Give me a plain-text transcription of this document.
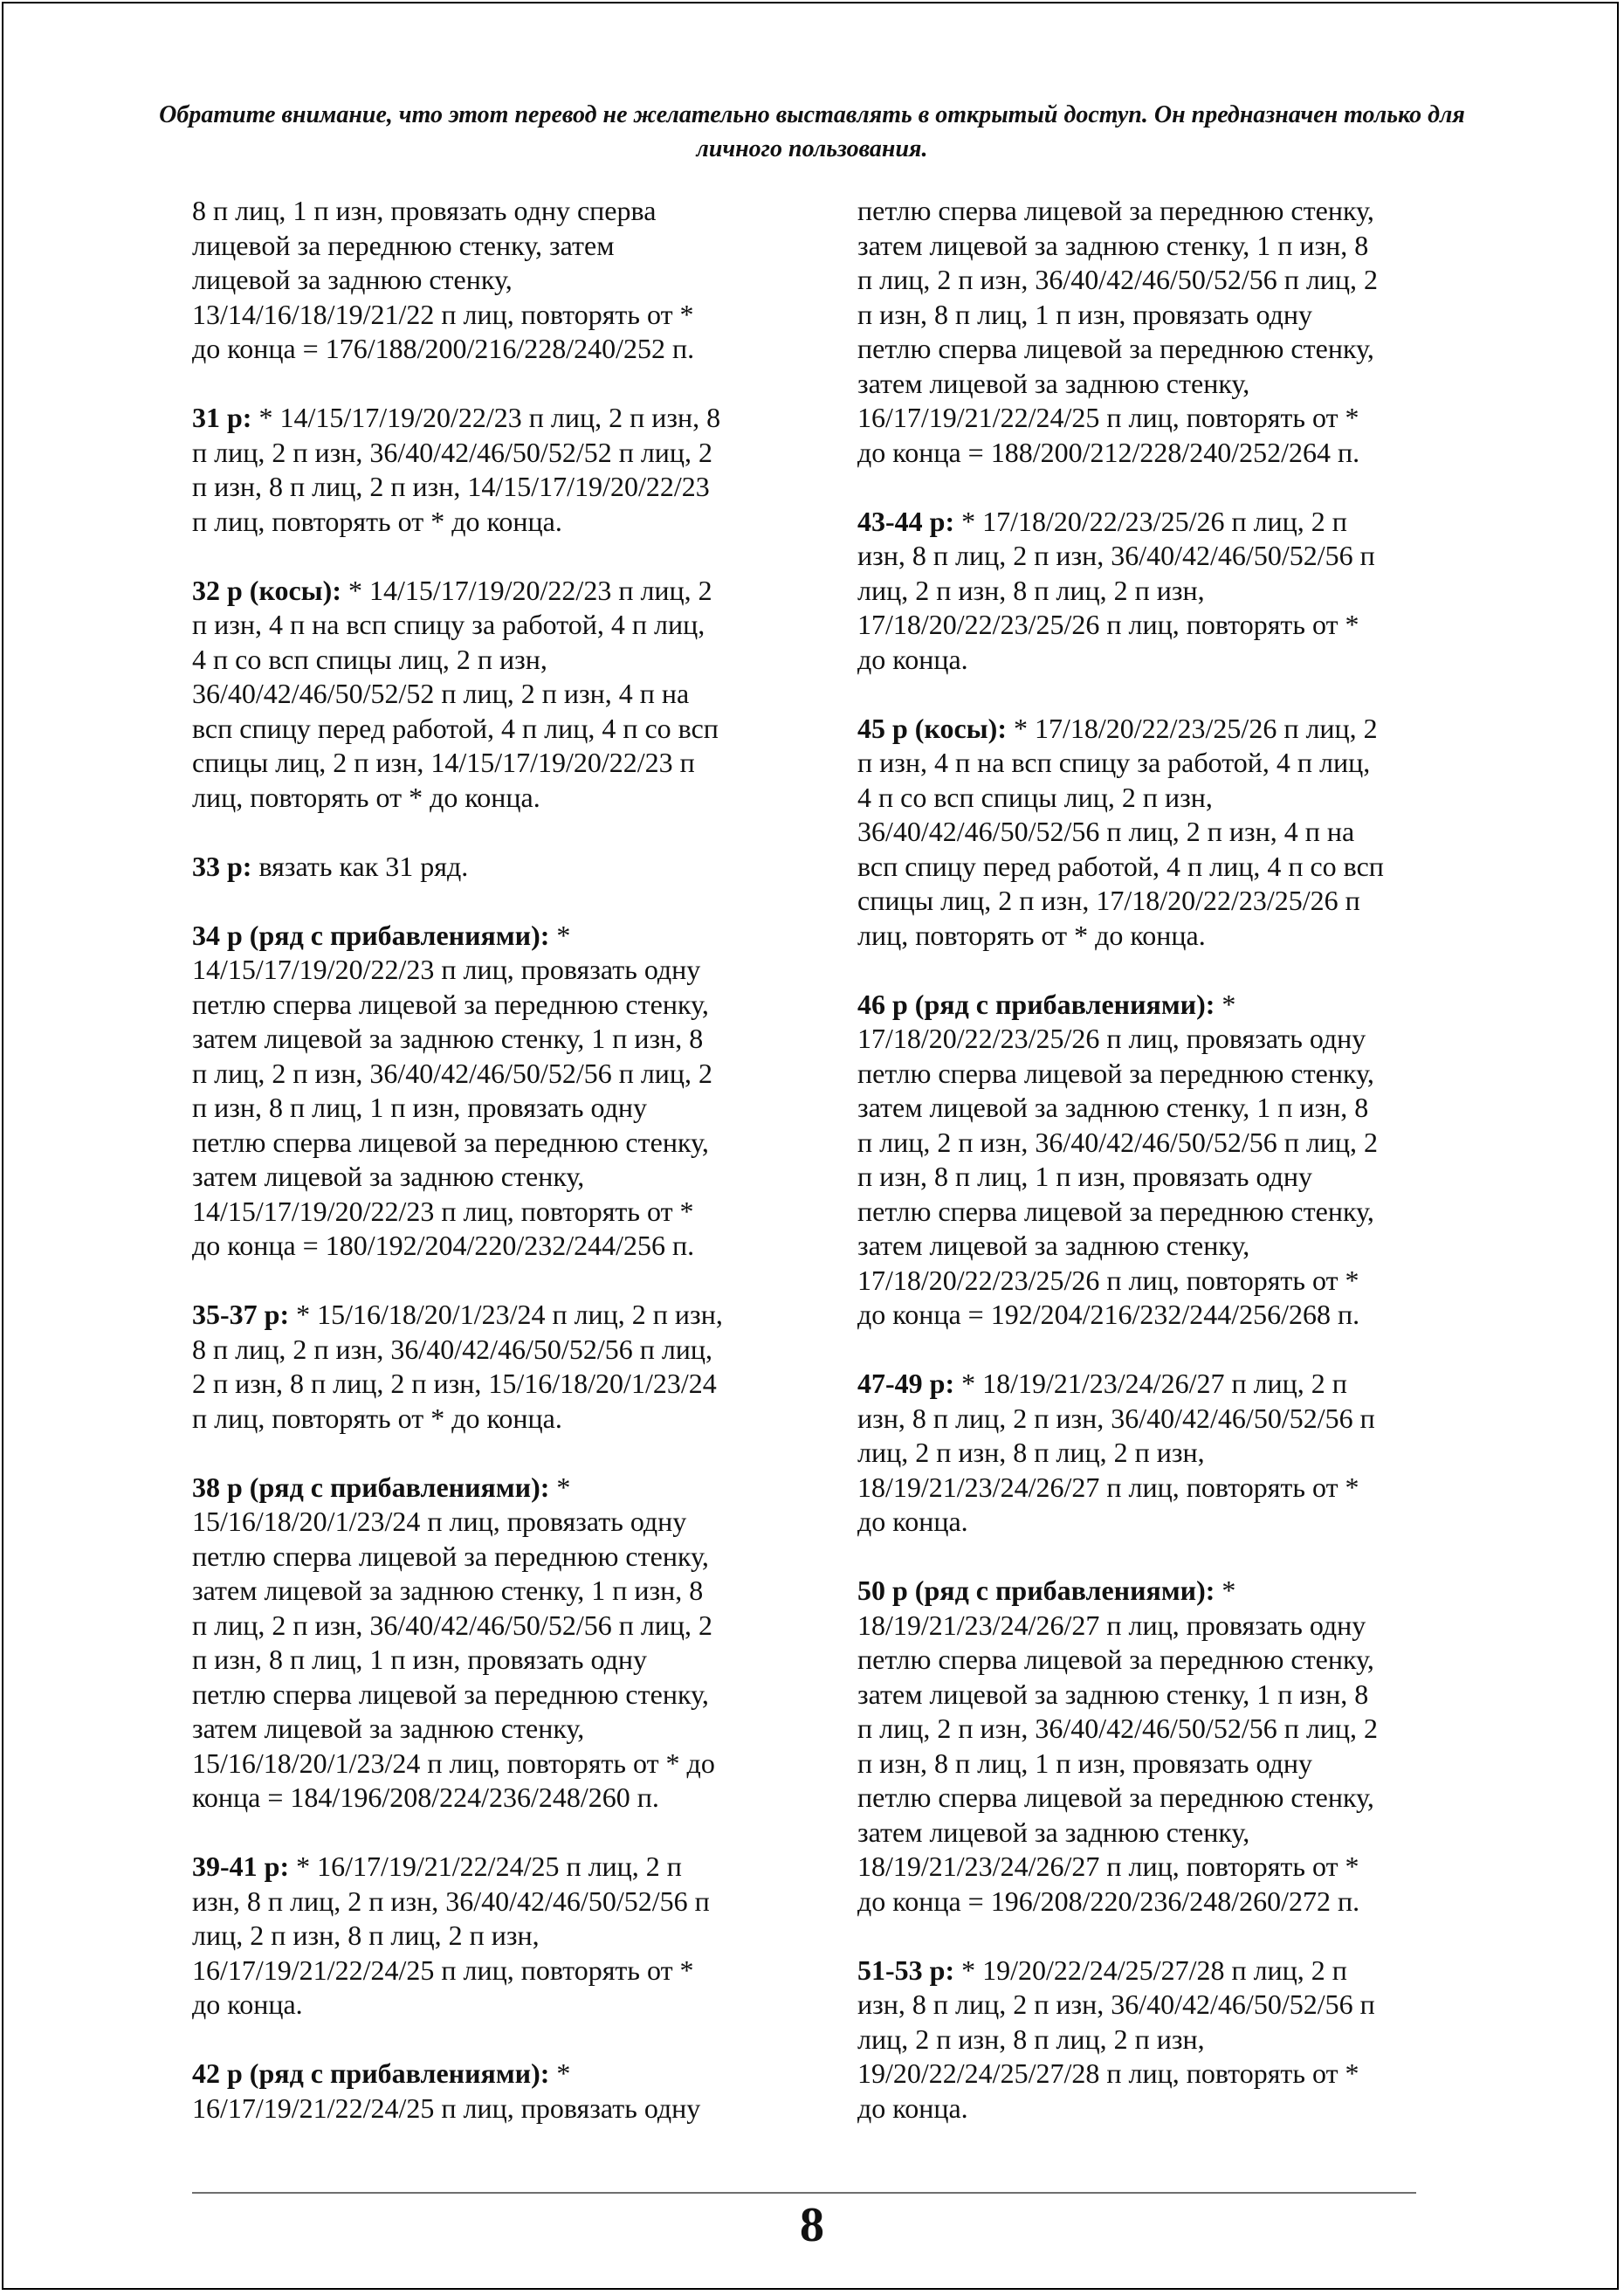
Обратите внимание, что этот перевод не желательно выставлять в открытый доступ. Он предназначен только для личного пользования.
8 п лиц, 1 п изн, провязать одну сперва
лицевой за переднюю стенку, затем
лицевой за заднюю стенку,
13/14/16/18/19/21/22 п лиц, повторять от *
до конца = 176/188/200/216/228/240/252 п.
31 р: * 14/15/17/19/20/22/23 п лиц, 2 п изн, 8
п лиц, 2 п изн, 36/40/42/46/50/52/52 п лиц, 2
п изн, 8 п лиц, 2 п изн, 14/15/17/19/20/22/23
п лиц, повторять от * до конца.
32 р (косы): * 14/15/17/19/20/22/23 п лиц, 2
п изн, 4 п на всп спицу за работой, 4 п лиц,
4 п со всп спицы лиц, 2 п изн,
36/40/42/46/50/52/52 п лиц, 2 п изн, 4 п на
всп спицу перед работой, 4 п лиц, 4 п со всп
спицы лиц, 2 п изн, 14/15/17/19/20/22/23 п
лиц, повторять от * до конца.
33 р: вязать как 31 ряд.
34 р (ряд с прибавлениями): *
14/15/17/19/20/22/23 п лиц, провязать одну
петлю сперва лицевой за переднюю стенку,
затем лицевой за заднюю стенку, 1 п изн, 8
п лиц, 2 п изн, 36/40/42/46/50/52/56 п лиц, 2
п изн, 8 п лиц, 1 п изн, провязать одну
петлю сперва лицевой за переднюю стенку,
затем лицевой за заднюю стенку,
14/15/17/19/20/22/23 п лиц, повторять от *
до конца = 180/192/204/220/232/244/256 п.
35-37 р: * 15/16/18/20/1/23/24 п лиц, 2 п изн,
8 п лиц, 2 п изн, 36/40/42/46/50/52/56 п лиц,
2 п изн, 8 п лиц, 2 п изн, 15/16/18/20/1/23/24
п лиц, повторять от * до конца.
38 р (ряд с прибавлениями): *
15/16/18/20/1/23/24 п лиц, провязать одну
петлю сперва лицевой за переднюю стенку,
затем лицевой за заднюю стенку, 1 п изн, 8
п лиц, 2 п изн, 36/40/42/46/50/52/56 п лиц, 2
п изн, 8 п лиц, 1 п изн, провязать одну
петлю сперва лицевой за переднюю стенку,
затем лицевой за заднюю стенку,
15/16/18/20/1/23/24 п лиц, повторять от * до
конца = 184/196/208/224/236/248/260 п.
39-41 р: * 16/17/19/21/22/24/25 п лиц, 2 п
изн, 8 п лиц, 2 п изн, 36/40/42/46/50/52/56 п
лиц, 2 п изн, 8 п лиц, 2 п изн,
16/17/19/21/22/24/25 п лиц, повторять от *
до конца.
42 р (ряд с прибавлениями): *
16/17/19/21/22/24/25 п лиц, провязать одну
петлю сперва лицевой за переднюю стенку,
затем лицевой за заднюю стенку, 1 п изн, 8
п лиц, 2 п изн, 36/40/42/46/50/52/56 п лиц, 2
п изн, 8 п лиц, 1 п изн, провязать одну
петлю сперва лицевой за переднюю стенку,
затем лицевой за заднюю стенку,
16/17/19/21/22/24/25 п лиц, повторять от *
до конца = 188/200/212/228/240/252/264 п.
43-44 р: * 17/18/20/22/23/25/26 п лиц, 2 п
изн, 8 п лиц, 2 п изн, 36/40/42/46/50/52/56 п
лиц, 2 п изн, 8 п лиц, 2 п изн,
17/18/20/22/23/25/26 п лиц, повторять от *
до конца.
45 р (косы): * 17/18/20/22/23/25/26 п лиц, 2
п изн, 4 п на всп спицу за работой, 4 п лиц,
4 п со всп спицы лиц, 2 п изн,
36/40/42/46/50/52/56 п лиц, 2 п изн, 4 п на
всп спицу перед работой, 4 п лиц, 4 п со всп
спицы лиц, 2 п изн, 17/18/20/22/23/25/26 п
лиц, повторять от * до конца.
46 р (ряд с прибавлениями): *
17/18/20/22/23/25/26 п лиц, провязать одну
петлю сперва лицевой за переднюю стенку,
затем лицевой за заднюю стенку, 1 п изн, 8
п лиц, 2 п изн, 36/40/42/46/50/52/56 п лиц, 2
п изн, 8 п лиц, 1 п изн, провязать одну
петлю сперва лицевой за переднюю стенку,
затем лицевой за заднюю стенку,
17/18/20/22/23/25/26 п лиц, повторять от *
до конца = 192/204/216/232/244/256/268 п.
47-49 р: * 18/19/21/23/24/26/27 п лиц, 2 п
изн, 8 п лиц, 2 п изн, 36/40/42/46/50/52/56 п
лиц, 2 п изн, 8 п лиц, 2 п изн,
18/19/21/23/24/26/27 п лиц, повторять от *
до конца.
50 р (ряд с прибавлениями): *
18/19/21/23/24/26/27 п лиц, провязать одну
петлю сперва лицевой за переднюю стенку,
затем лицевой за заднюю стенку, 1 п изн, 8
п лиц, 2 п изн, 36/40/42/46/50/52/56 п лиц, 2
п изн, 8 п лиц, 1 п изн, провязать одну
петлю сперва лицевой за переднюю стенку,
затем лицевой за заднюю стенку,
18/19/21/23/24/26/27 п лиц, повторять от *
до конца = 196/208/220/236/248/260/272 п.
51-53 р: * 19/20/22/24/25/27/28 п лиц, 2 п
изн, 8 п лиц, 2 п изн, 36/40/42/46/50/52/56 п
лиц, 2 п изн, 8 п лиц, 2 п изн,
19/20/22/24/25/27/28 п лиц, повторять от *
до конца.
8
